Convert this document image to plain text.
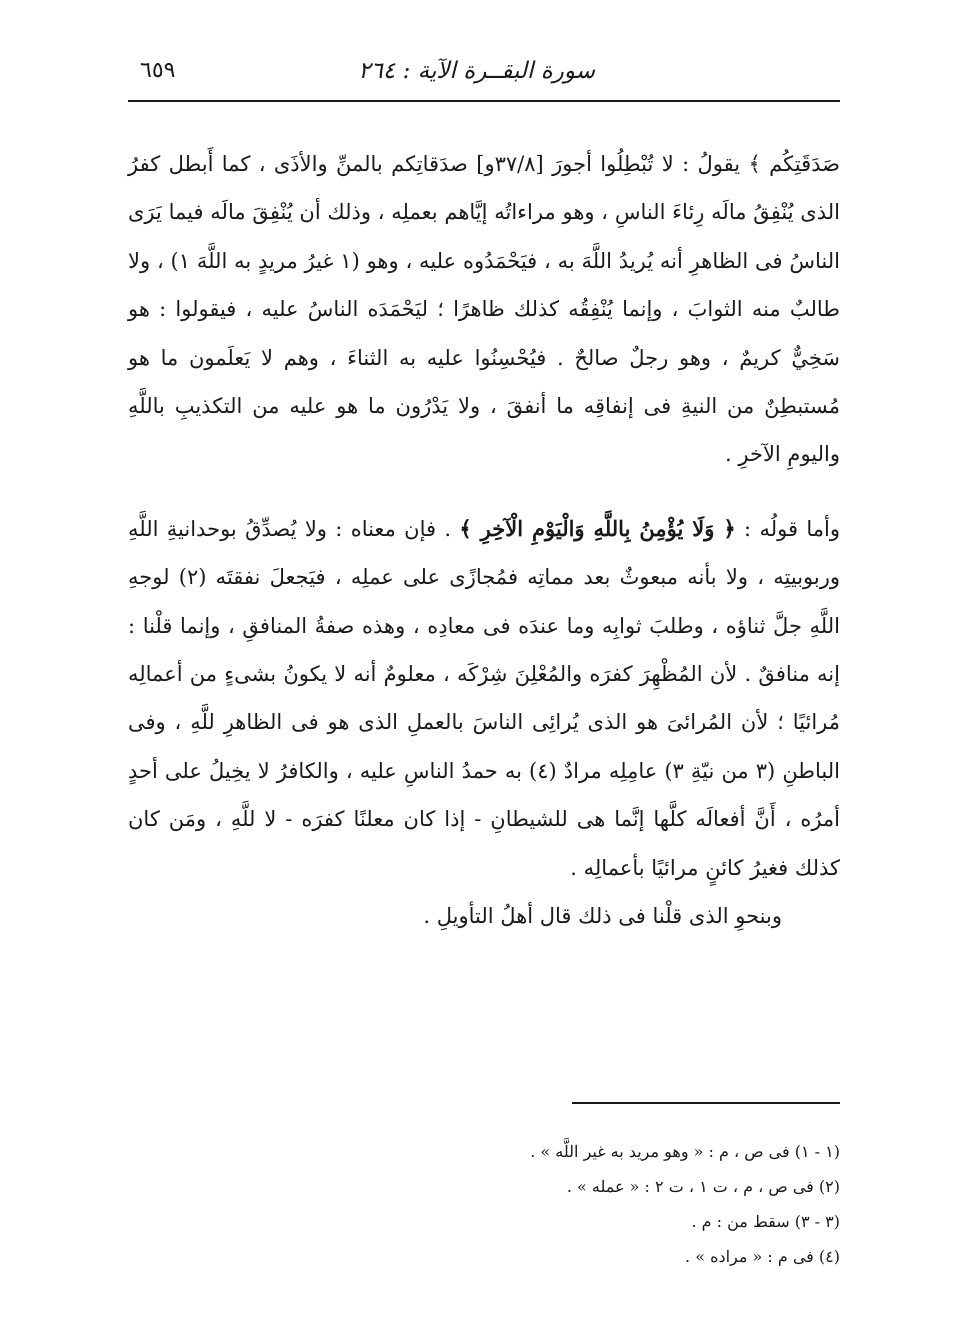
سورة البقــرة الآية : ٢٦٤
٦٥٩

صَدَقَتِكُم ﴾ يقولُ : لا تُبْطِلُوا أجورَ [٣٧/٨و] صدَقاتِكم بالمنِّ والأذَى ، كما أَبطل كفرُ الذى يُنْفِقُ مالَه رِئاءَ الناسِ ، وهو مراءاتُه إيَّاهم بعملِه ، وذلك أن يُنْفِقَ مالَه فيما يَرَى الناسُ فى الظاهرِ أنه يُريدُ اللَّهَ به ، فيَحْمَدُوه عليه ، وهو (١ غيرُ مريدٍ به اللَّهَ ١) ، ولا طالبٌ منه الثوابَ ، وإنما يُنْفِقُه كذلك ظاهرًا ؛ ليَحْمَدَه الناسُ عليه ، فيقولوا : هو سَخِيٌّ كريمٌ ، وهو رجلٌ صالحٌ . فيُحْسِنُوا عليه به الثناءَ ، وهم لا يَعلَمون ما هو مُستبطِنٌ من النيةِ فى إنفاقِه ما أنفقَ ، ولا يَدْرُون ما هو عليه من التكذيبِ باللَّهِ واليومِ الآخرِ .

وأما قولُه : ﴿ وَلَا يُؤْمِنُ بِاللَّهِ وَالْيَوْمِ الْآخِرِ ﴾ . فإن معناه : ولا يُصدِّقُ بوحدانيةِ اللَّهِ وربوبيتِه ، ولا بأنه مبعوثٌ بعد مماتِه فمُجازًى على عملِه ، فيَجعلَ نفقتَه (٢) لوجهِ اللَّهِ جلَّ ثناؤه ، وطلبَ ثوابِه وما عندَه فى معادِه ، وهذه صفةُ المنافقِ ، وإنما قلْنا : إنه منافقٌ . لأن المُظْهِرَ كفرَه والمُعْلِنَ شِرْكَه ، معلومٌ أنه لا يكونُ بشىءٍ من أعمالِه مُرائيًا ؛ لأن المُرائىَ هو الذى يُرائِى الناسَ بالعملِ الذى هو فى الظاهرِ للَّهِ ، وفى الباطنِ (٣ من نيّةِ ٣) عامِلِه مرادٌ (٤) به حمدُ الناسِ عليه ، والكافرُ لا يخِيلُ على أحدٍ أمرُه ، أَنَّ أفعالَه كلَّها إنَّما هى للشيطانِ - إذا كان معلنًا كفرَه - لا للَّهِ ، ومَن كان كذلك فغيرُ كائنٍ مرائيًا بأعمالِه .

وبنحوِ الذى قلْنا فى ذلك قال أهلُ التأويلِ .

(١ - ١) فى ص ، م : « وهو مريد به غير اللَّه » .
(٢) فى ص ، م ، ت ١ ، ت ٢ : « عمله » .
(٣ - ٣) سقط من : م .
(٤) فى م : « مراده » .
